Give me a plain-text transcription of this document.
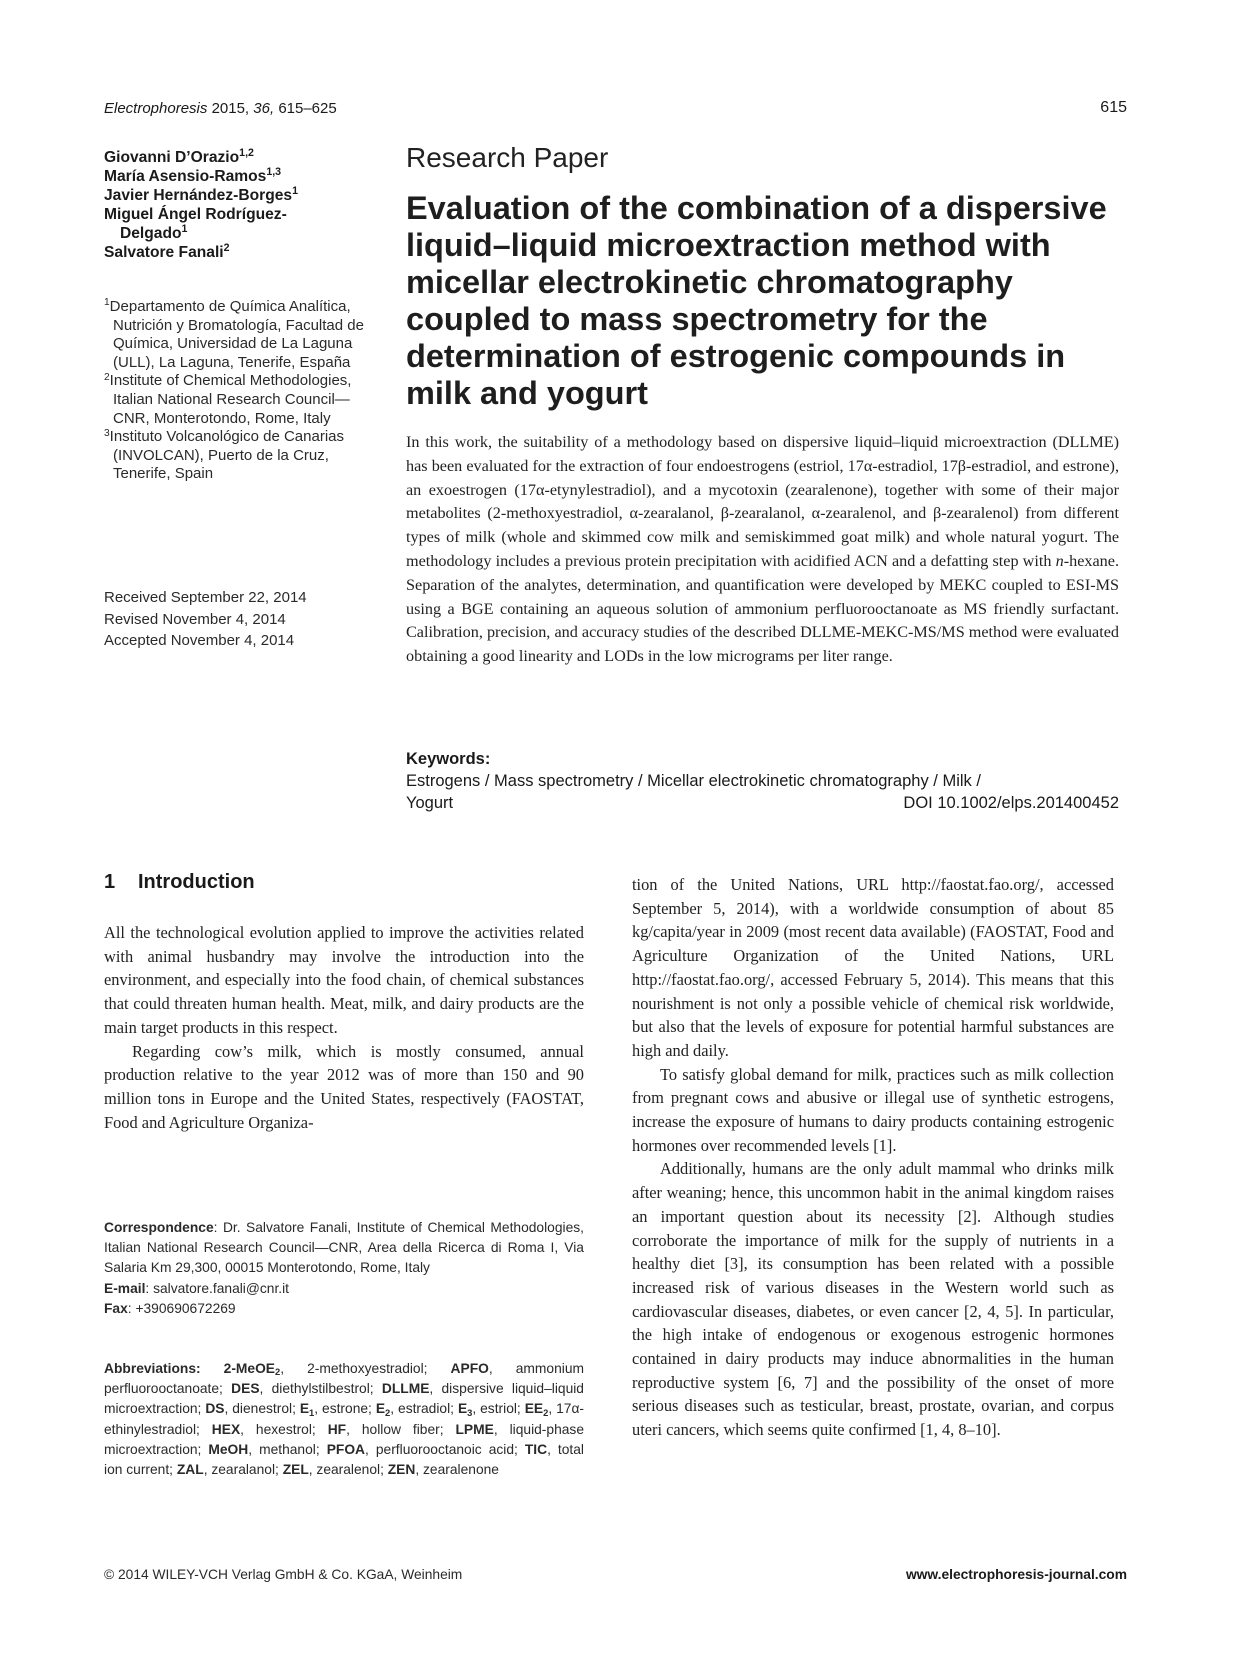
Electrophoresis 2015, 36, 615–625	615
Giovanni D’Orazio$^{1,2}$
María Asensio-Ramos$^{1,3}$
Javier Hernández-Borges$^1$
Miguel Ángel Rodríguez-
Delgado$^1$
Salvatore Fanali$^2$
$^1$Departamento de Química Analítica, Nutrición y Bromatología, Facultad de Química, Universidad de La Laguna (ULL), La Laguna, Tenerife, España
$^2$Institute of Chemical Methodologies, Italian National Research Council—CNR, Monterotondo, Rome, Italy
$^3$Instituto Volcanológico de Canarias (INVOLCAN), Puerto de la Cruz, Tenerife, Spain
Received September 22, 2014
Revised November 4, 2014
Accepted November 4, 2014
Research Paper
Evaluation of the combination of a dispersive liquid–liquid microextraction method with micellar electrokinetic chromatography coupled to mass spectrometry for the determination of estrogenic compounds in milk and yogurt

In this work, the suitability of a methodology based on dispersive liquid–liquid microextraction (DLLME) has been evaluated for the extraction of four endoestrogens (estriol, 17α-estradiol, 17β-estradiol, and estrone), an exoestrogen (17α-etynylestradiol), and a mycotoxin (zearalenone), together with some of their major metabolites (2-methoxyestradiol, α-zearalanol, β-zearalanol, α-zearalenol, and β-zearalenol) from different types of milk (whole and skimmed cow milk and semiskimmed goat milk) and whole natural yogurt. The methodology includes a previous protein precipitation with acidified ACN and a defatting step with n-hexane. Separation of the analytes, determination, and quantification were developed by MEKC coupled to ESI-MS using a BGE containing an aqueous solution of ammonium perfluorooctanoate as MS friendly surfactant. Calibration, precision, and accuracy studies of the described DLLME-MEKC-MS/MS method were evaluated obtaining a good linearity and LODs in the low micrograms per liter range.

Keywords:
Estrogens / Mass spectrometry / Micellar electrokinetic chromatography / Milk /
Yogurt	DOI 10.1002/elps.201400452
1 Introduction

All the technological evolution applied to improve the activities related with animal husbandry may involve the introduction into the environment, and especially into the food chain, of chemical substances that could threaten human health. Meat, milk, and dairy products are the main target products in this respect.

Regarding cow’s milk, which is mostly consumed, annual production relative to the year 2012 was of more than 150 and 90 million tons in Europe and the United States, respectively (FAOSTAT, Food and Agriculture Organiza-

tion of the United Nations, URL http://faostat.fao.org/, accessed September 5, 2014), with a worldwide consumption of about 85 kg/capita/year in 2009 (most recent data available) (FAOSTAT, Food and Agriculture Organization of the United Nations, URL http://faostat.fao.org/, accessed February 5, 2014). This means that this nourishment is not only a possible vehicle of chemical risk worldwide, but also that the levels of exposure for potential harmful substances are high and daily.

To satisfy global demand for milk, practices such as milk collection from pregnant cows and abusive or illegal use of synthetic estrogens, increase the exposure of humans to dairy products containing estrogenic hormones over recommended levels [1].

Additionally, humans are the only adult mammal who drinks milk after weaning; hence, this uncommon habit in the animal kingdom raises an important question about its necessity [2]. Although studies corroborate the importance of milk for the supply of nutrients in a healthy diet [3], its consumption has been related with a possible increased risk of various diseases in the Western world such as cardiovascular diseases, diabetes, or even cancer [2, 4, 5]. In particular, the high intake of endogenous or exogenous estrogenic hormones contained in dairy products may induce abnormalities in the human reproductive system [6, 7] and the possibility of the onset of more serious diseases such as testicular, breast, prostate, ovarian, and corpus uteri cancers, which seems quite confirmed [1, 4, 8–10].

Correspondence: Dr. Salvatore Fanali, Institute of Chemical Methodologies, Italian National Research Council—CNR, Area della Ricerca di Roma I, Via Salaria Km 29,300, 00015 Monterotondo, Rome, Italy
E-mail: salvatore.fanali@cnr.it
Fax: +390690672269
Abbreviations: 2-MeOE$_2$, 2-methoxyestradiol; APFO, ammonium perfluorooctanoate; DES, diethylstilbestrol; DLLME, dispersive liquid–liquid microextraction; DS, dienestrol; $E_1$, estrone; $E_2$, estradiol; $E_3$, estriol; $EE_2$, 17α-ethinylestradiol; HEX, hexestrol; HF, hollow fiber; LPME, liquid-phase microextraction; MeOH, methanol; PFOA, perfluorooctanoic acid; TIC, total ion current; ZAL, zearalanol; ZEL, zearalenol; ZEN, zearalenone
© 2014 WILEY-VCH Verlag GmbH & Co. KGaA, Weinheim	www.electrophoresis-journal.com
